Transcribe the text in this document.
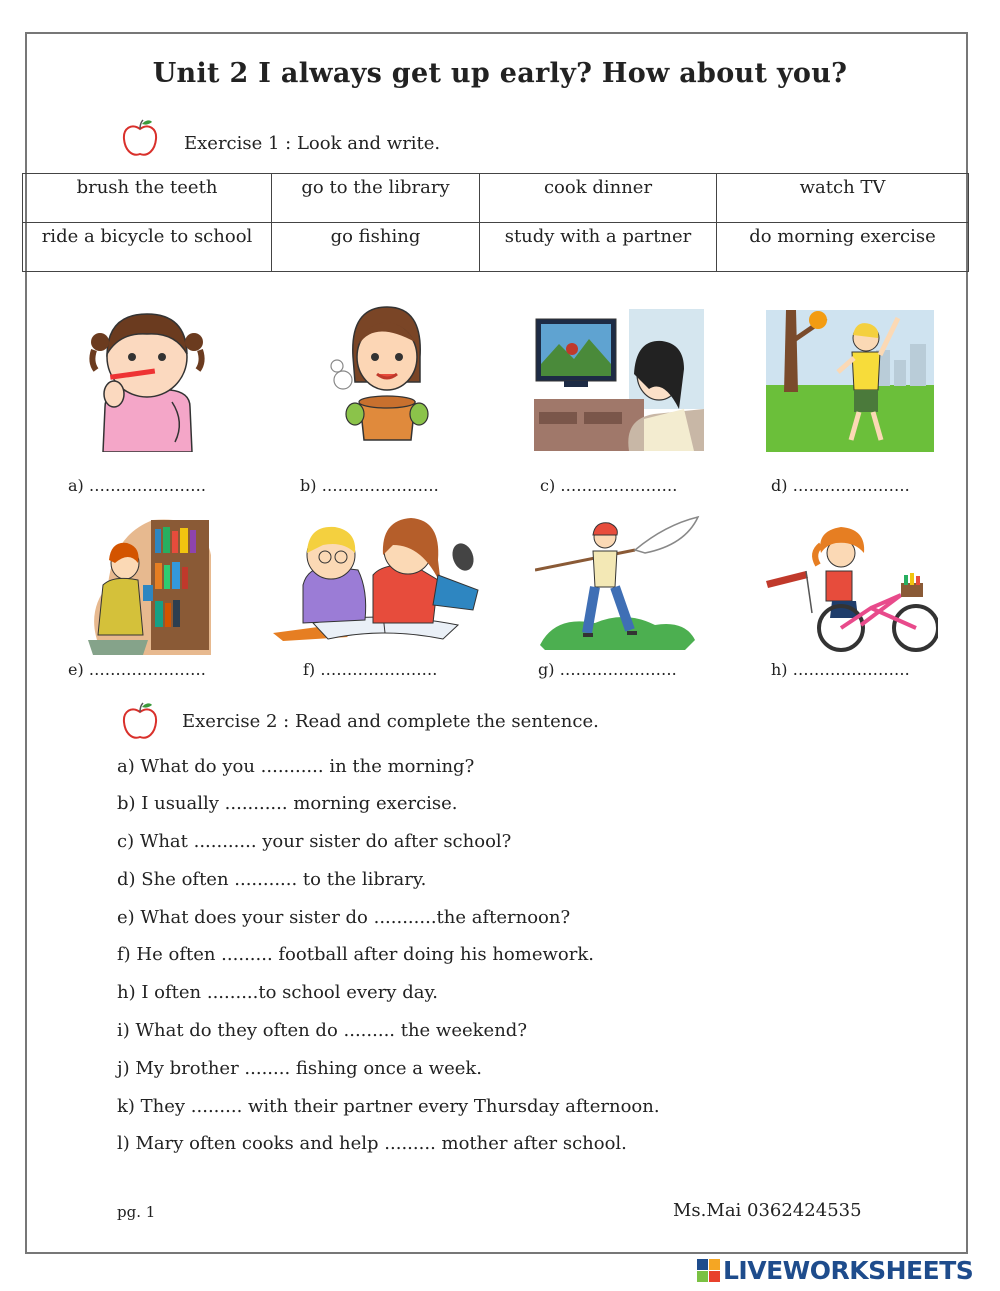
Unit 2 I always get up early? How about you?
Exercise 1 : Look and write.
brush the teeth	go to the library	cook dinner	watch TV
ride a bicycle to school	go fishing	study with a partner	do morning exercise
a) ………………….	b) ………………….	c) ………………….	d) ………………….
e) ………………….	f) ………………….	g) ………………….	h) ………………….
Exercise 2 : Read and complete the sentence.
a) What do you ........... in the morning?
b) I usually ........... morning exercise.
c) What ........... your sister do after school?
d) She often ........... to the library.
e) What does your sister do ...........the afternoon?
f) He often ......... football after doing his homework.
h) I often .........to school every day.
i) What do they often do ......... the weekend?
j) My brother ........ fishing once a week.
k) They ......... with their partner every Thursday afternoon.
l) Mary often cooks and help ......... mother after school.
pg. 1	Ms.Mai 0362424535
LIVEWORKSHEETS
